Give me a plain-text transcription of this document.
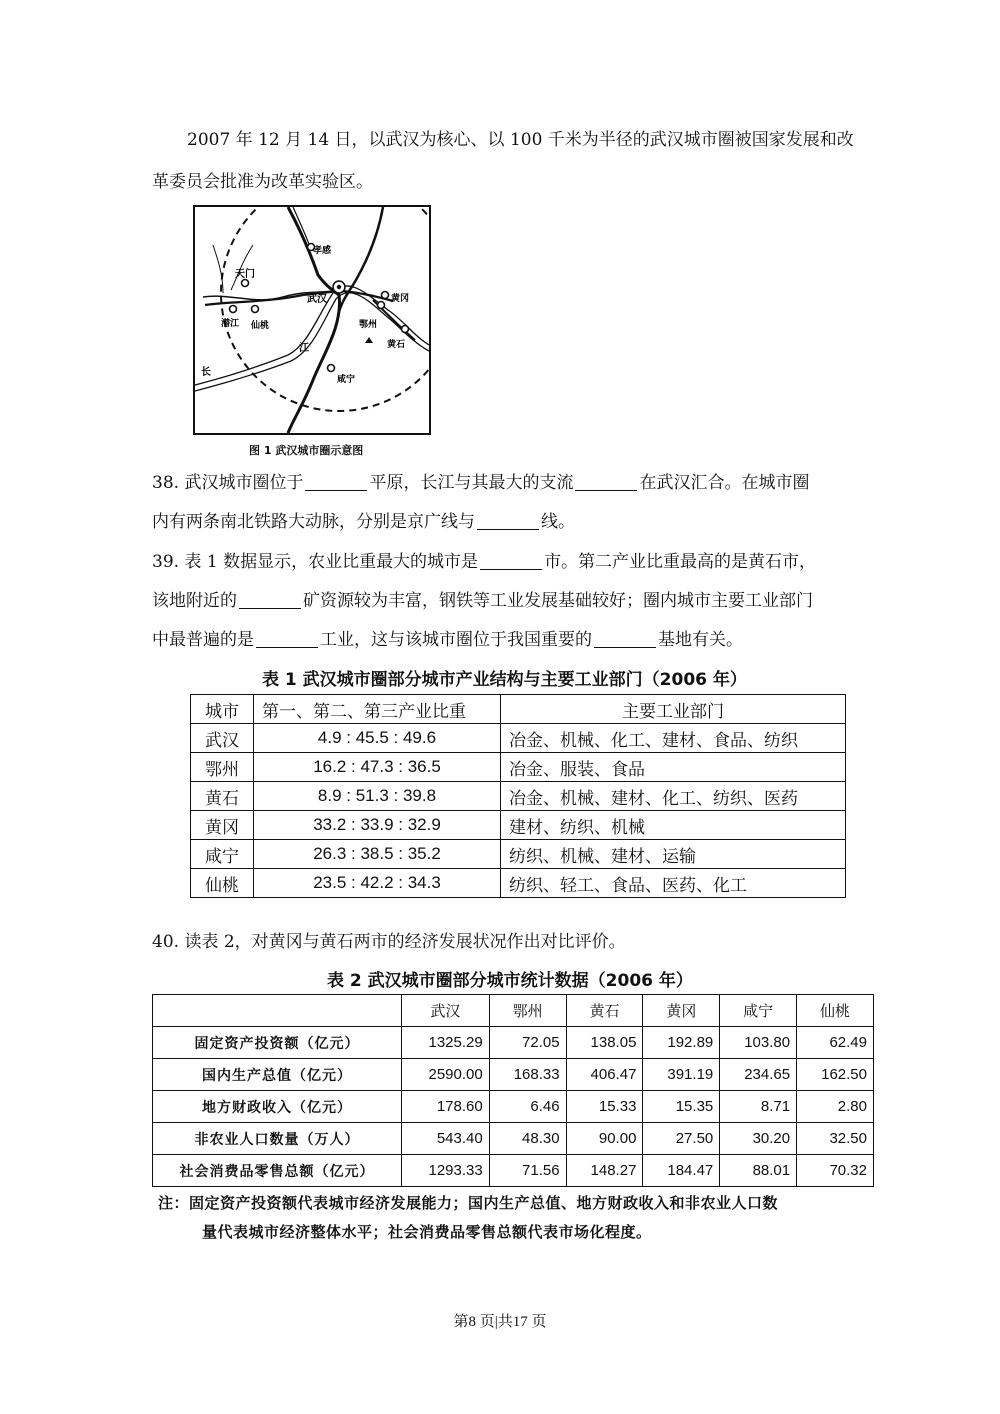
2007 年 12 月 14 日，以武汉为核心、以 100 千米为半径的武汉城市圈被国家发展和改
革委员会批准为改革实验区。
孝感
天门
武汉	黄冈
潜江 仙桃	鄂州
黄石
江
长
咸宁
图 1 武汉城市圈示意图
38. 武汉城市圈位于	平原，长江与其最大的支流	在武汉汇合。在城市圈
内有两条南北铁路大动脉，分别是京广线与	线。
39. 表 1 数据显示，农业比重最大的城市是	市。第二产业比重最高的是黄石市，
该地附近的	矿资源较为丰富，钢铁等工业发展基础较好；圈内城市主要工业部门
中最普遍的是	工业，这与该城市圈位于我国重要的	基地有关。
表 1 武汉城市圈部分城市产业结构与主要工业部门（2006 年）
城市	第一、第二、第三产业比重	主要工业部门
武汉	4.9 : 45.5 : 49.6	冶金、机械、化工、建材、食品、纺织
鄂州	16.2 : 47.3 : 36.5	冶金、服装、食品
黄石	8.9 : 51.3 : 39.8	冶金、机械、建材、化工、纺织、医药
黄冈	33.2 : 33.9 : 32.9	建材、纺织、机械
咸宁	26.3 : 38.5 : 35.2	纺织、机械、建材、运输
仙桃	23.5 : 42.2 : 34.3	纺织、轻工、食品、医药、化工
40. 读表 2，对黄冈与黄石两市的经济发展状况作出对比评价。
表 2 武汉城市圈部分城市统计数据（2006 年）
	武汉	鄂州	黄石	黄冈	咸宁	仙桃
固定资产投资额（亿元）	1325.29	72.05	138.05	192.89	103.80	62.49
国内生产总值（亿元）	2590.00	168.33	406.47	391.19	234.65	162.50
地方财政收入（亿元）	178.60	6.46	15.33	15.35	8.71	2.80
非农业人口数量（万人）	543.40	48.30	90.00	27.50	30.20	32.50
社会消费品零售总额（亿元）	1293.33	71.56	148.27	184.47	88.01	70.32
注：固定资产投资额代表城市经济发展能力；国内生产总值、地方财政收入和非农业人口数
量代表城市经济整体水平；社会消费品零售总额代表市场化程度。
第8 页|共17 页
